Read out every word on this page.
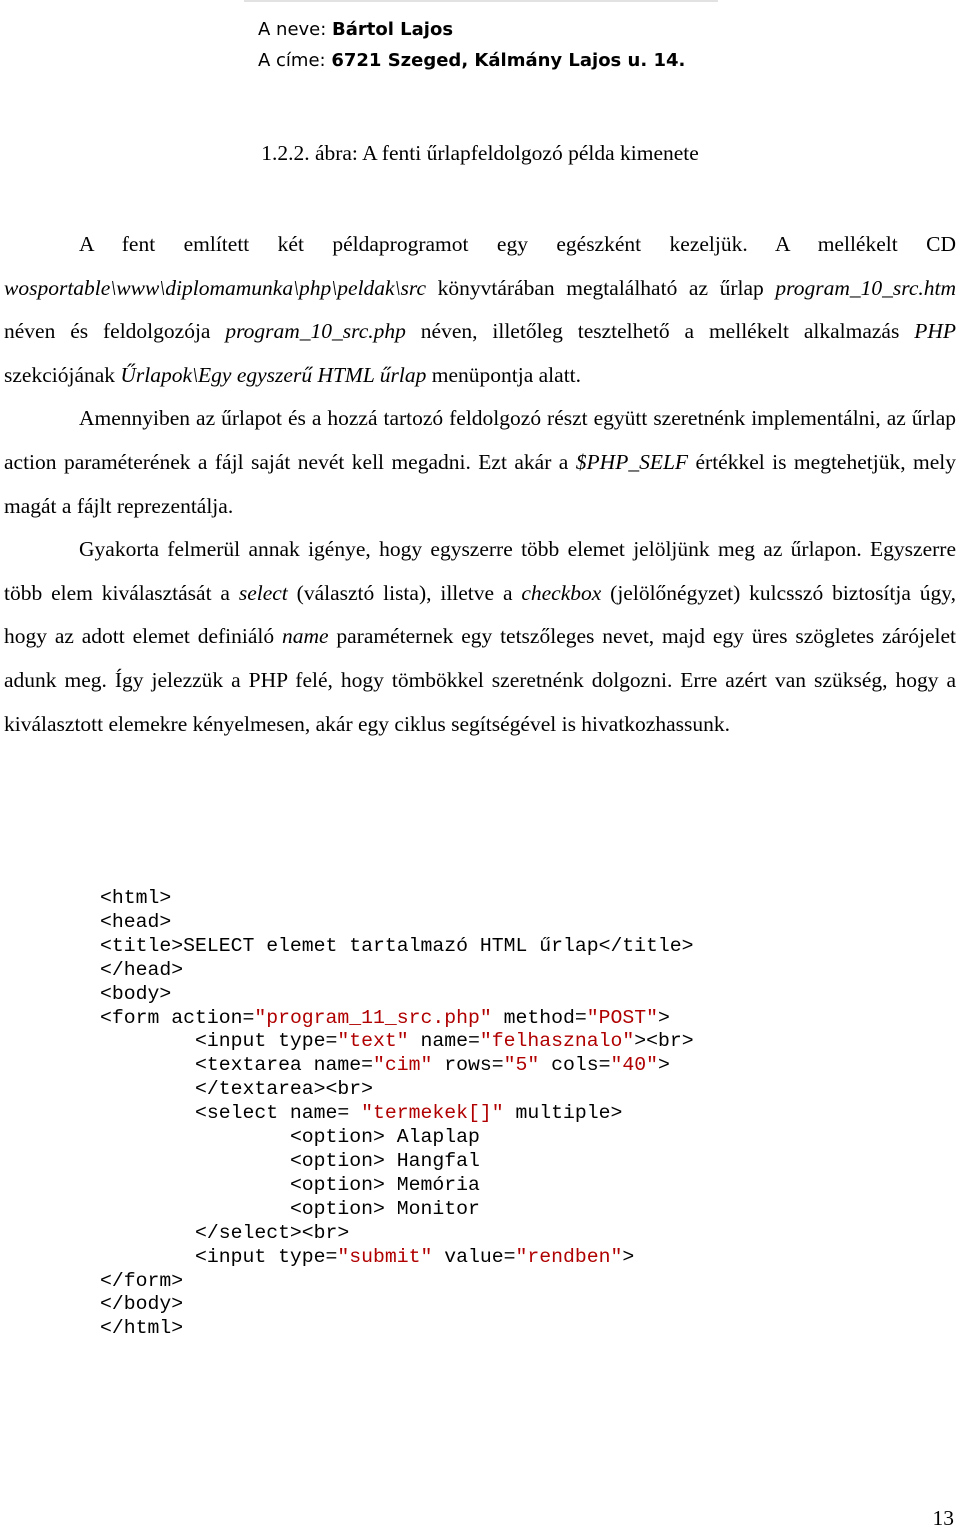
A neve: Bártol Lajos
A címe: 6721 Szeged, Kálmány Lajos u. 14.
1.2.2. ábra: A fenti űrlapfeldolgozó példa kimenete

A fent említett két példaprogramot egy egészként kezeljük. A mellékelt CD wosportable\www\diplomamunka\php\peldak\src könyvtárában megtalálható az űrlap program_10_src.htm néven és feldolgozója program_10_src.php néven, illetőleg tesztelhető a mellékelt alkalmazás PHP szekciójának Űrlapok\Egy egyszerű HTML űrlap menüpontja alatt.

Amennyiben az űrlapot és a hozzá tartozó feldolgozó részt együtt szeretnénk implementálni, az űrlap action paraméterének a fájl saját nevét kell megadni. Ezt akár a $PHP_SELF értékkel is megtehetjük, mely magát a fájlt reprezentálja.

Gyakorta felmerül annak igénye, hogy egyszerre több elemet jelöljünk meg az űrlapon. Egyszerre több elem kiválasztását a select (választó lista), illetve a checkbox (jelölőnégyzet) kulcsszó biztosítja úgy, hogy az adott elemet definiáló name paraméternek egy tetszőleges nevet, majd egy üres szögletes zárójelet adunk meg. Így jelezzük a PHP felé, hogy tömbökkel szeretnénk dolgozni. Erre azért van szükség, hogy a kiválasztott elemekre kényelmesen, akár egy ciklus segítségével is hivatkozhassunk.

<html>
<head>
<title>SELECT elemet tartalmazó HTML űrlap</title>
</head>
<body>
<form action="program_11_src.php" method="POST">
<input type="text" name="felhasznalo"><br>
<textarea name="cim" rows="5" cols="40">
</textarea><br>
<select name= "termekek[]" multiple>
<option> Alaplap
<option> Hangfal
<option> Memória
<option> Monitor
</select><br>
<input type="submit" value="rendben">
</form>
</body>
</html>
13
